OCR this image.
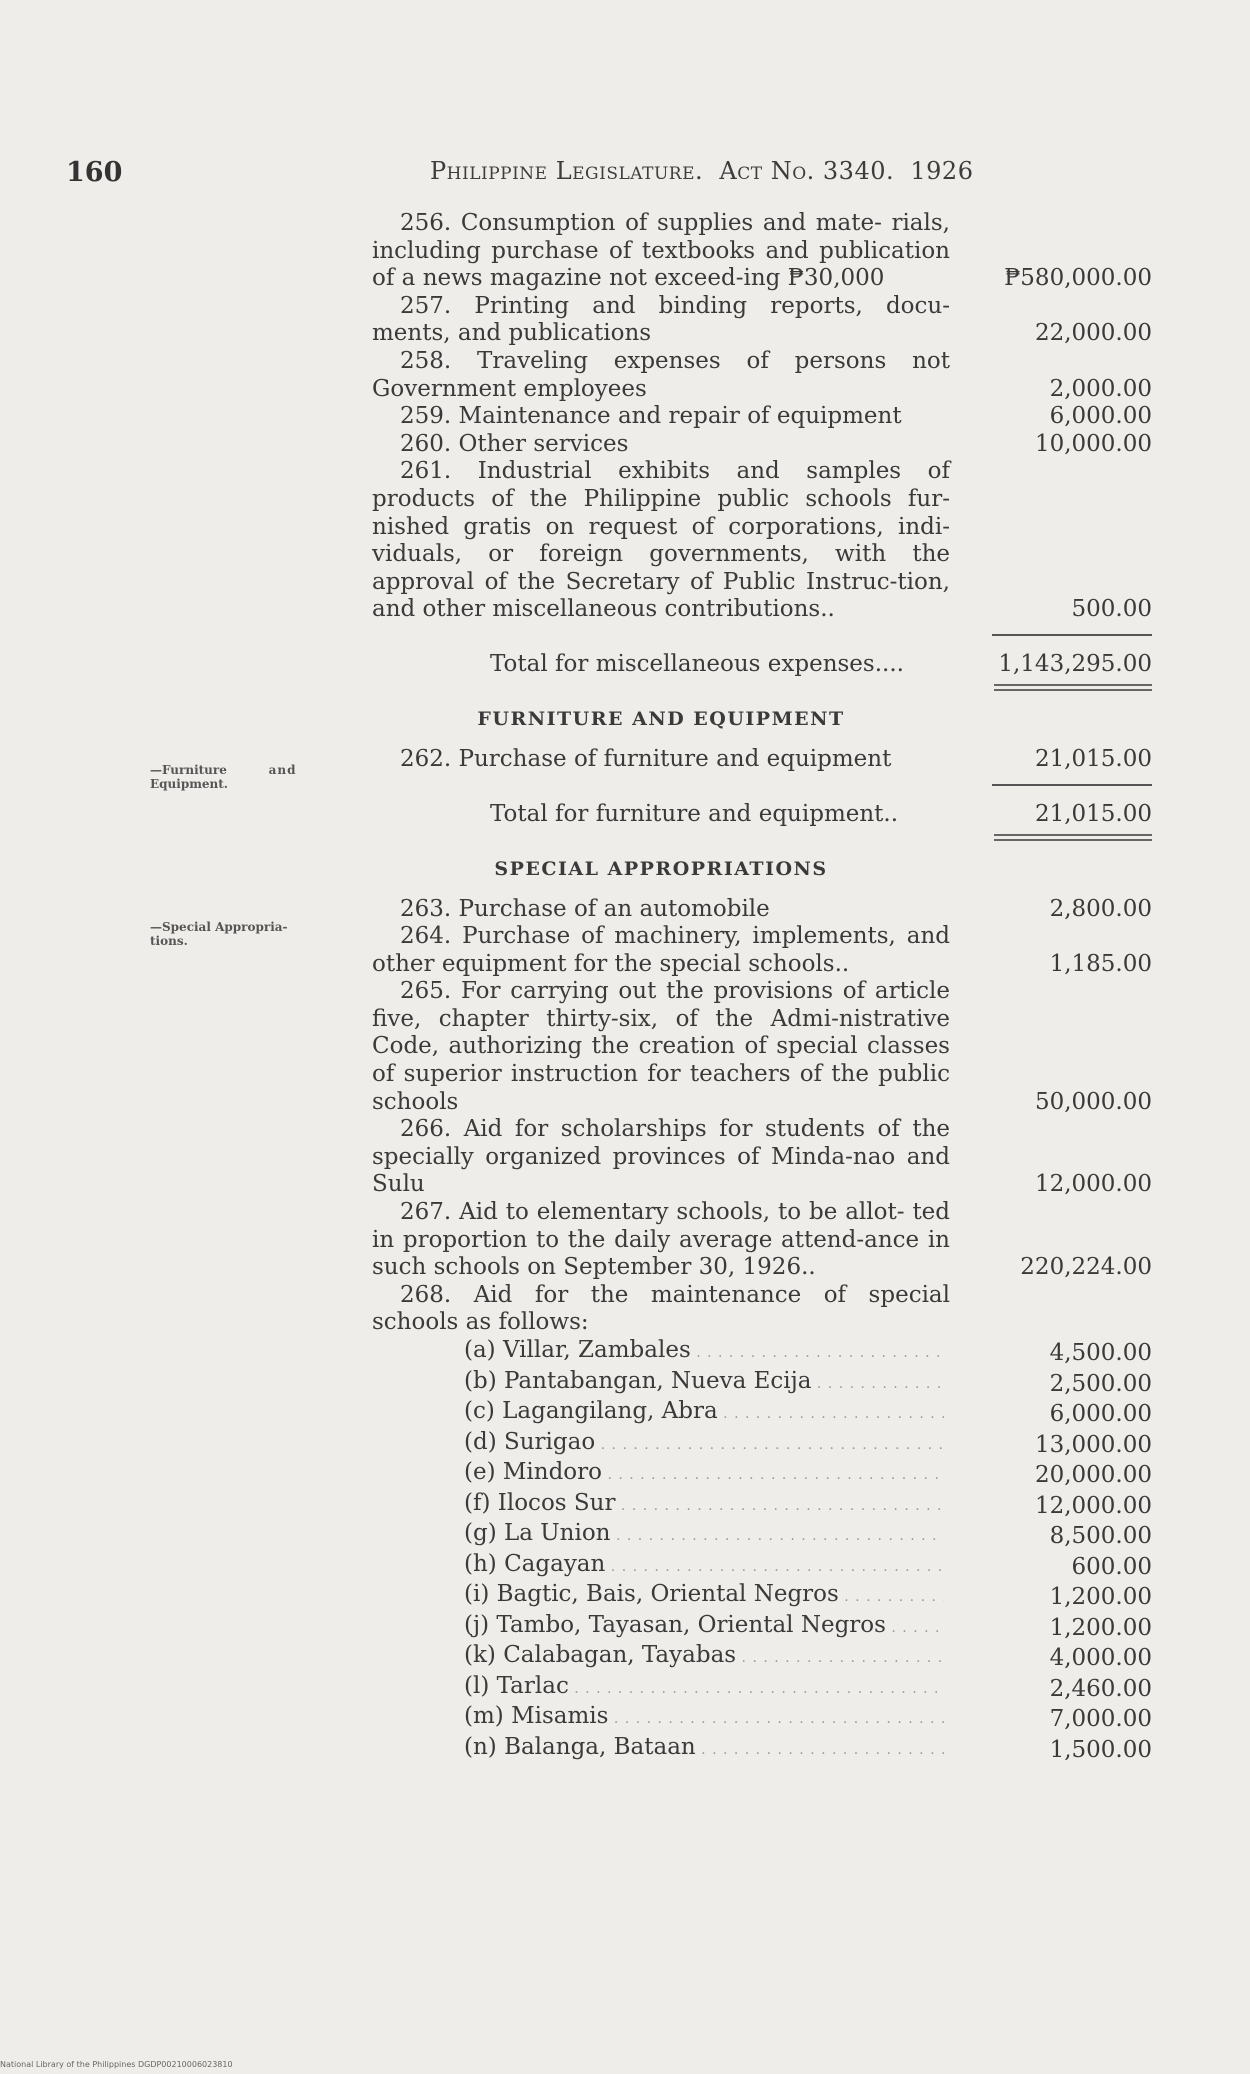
160	Philippine Legislature. Act No. 3340. 1926
—Furniture	and
Equipment.
—Special Appropria-
tions.
256. Consumption of supplies and mate- rials, including purchase of textbooks and publication of a news magazine not exceed-ing ₱30,000	₱580,000.00
257. Printing and binding reports, docu- ments, and publications	22,000.00
258. Traveling expenses of persons not Government employees	2,000.00
259. Maintenance and repair of equipment	6,000.00
260. Other services	10,000.00
261. Industrial exhibits and samples of products of the Philippine public schools fur-nished gratis on request of corporations, indi-viduals, or foreign governments, with the approval of the Secretary of Public Instruc-tion, and other miscellaneous contributions..	500.00
Total for miscellaneous expenses....	1,143,295.00
FURNITURE AND EQUIPMENT
262. Purchase of furniture and equipment	21,015.00
Total for furniture and equipment..	21,015.00
SPECIAL APPROPRIATIONS
263. Purchase of an automobile	2,800.00
264. Purchase of machinery, implements, and other equipment for the special schools..	1,185.00
265. For carrying out the provisions of article five, chapter thirty-six, of the Admi-nistrative Code, authorizing the creation of special classes of superior instruction for teachers of the public schools	50,000.00
266. Aid for scholarships for students of the specially organized provinces of Minda-nao and Sulu	12,000.00
267. Aid to elementary schools, to be allot- ted in proportion to the daily average attend-ance in such schools on September 30, 1926..	220,224.00
268. Aid for the maintenance of special schools as follows:
(a) Villar, Zambales . . .	4,500.00
(b) Pantabangan, Nueva Ecija . . .	2,500.00
(c) Lagangilang, Abra . . .	6,000.00
(d) Surigao . . .	13,000.00
(e) Mindoro . . .	20,000.00
(f) Ilocos Sur . . .	12,000.00
(g) La Union . . .	8,500.00
(h) Cagayan . . .	600.00
(i) Bagtic, Bais, Oriental Negros . . .	1,200.00
(j) Tambo, Tayasan, Oriental Negros . . .	1,200.00
(k) Calabagan, Tayabas . . .	4,000.00
(l) Tarlac . . .	2,460.00
(m) Misamis . . .	7,000.00
(n) Balanga, Bataan . . .	1,500.00
National Library of the Philippines DGDP00210006023810
